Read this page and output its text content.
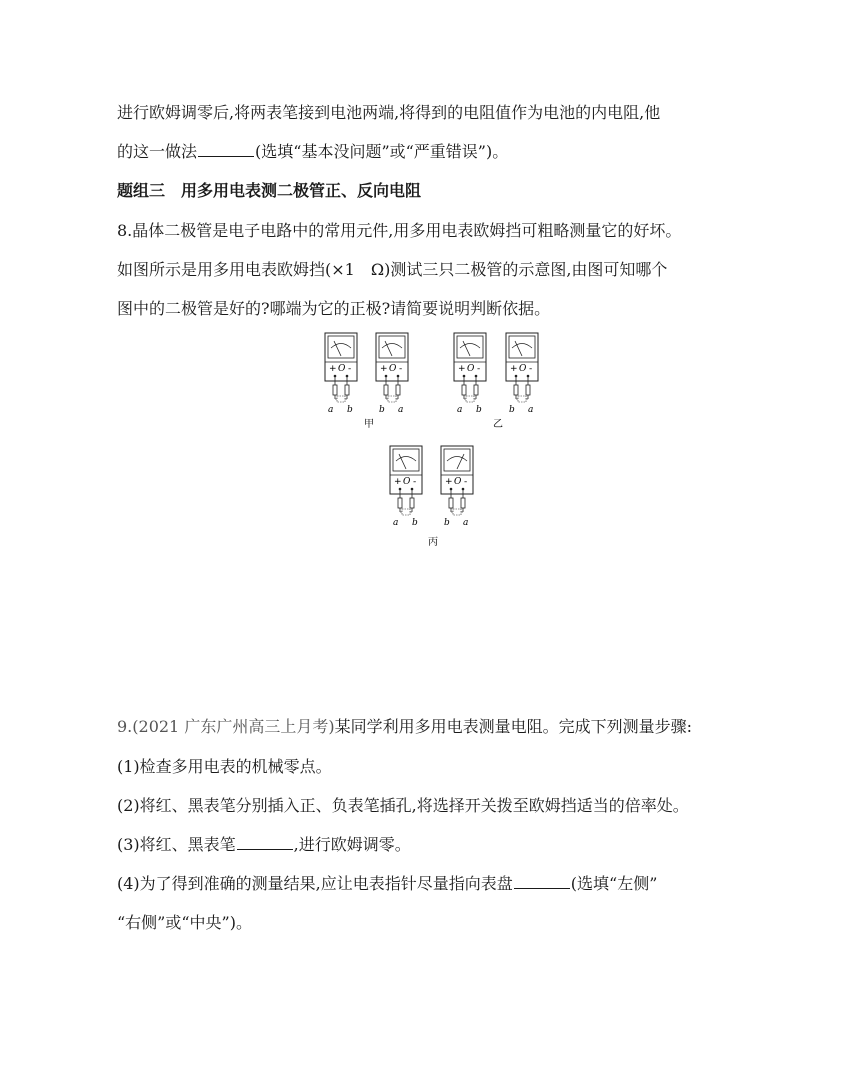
进行欧姆调零后,将两表笔接到电池两端,将得到的电阻值作为电池的内电阻,他
的这一做法	(选填“基本没问题”或“严重错误”)。
题组三　用多用电表测二极管正、反向电阻
8.晶体二极管是电子电路中的常用元件,用多用电表欧姆挡可粗略测量它的好坏。
如图所示是用多用电表欧姆挡(×1　Ω)测试三只二极管的示意图,由图可知哪个
图中的二极管是好的?哪端为它的正极?请简要说明判断依据。
+ O -
a b
+ O -
b a
甲
+ O -
a b
+ O -
b a
乙
+ O -
a b
+ O -
b a
丙
9.(2021 广东广州高三上月考)某同学利用多用电表测量电阻。完成下列测量步骤:
(1)检查多用电表的机械零点。
(2)将红、黑表笔分别插入正、负表笔插孔,将选择开关拨至欧姆挡适当的倍率处。
(3)将红、黑表笔	,进行欧姆调零。
(4)为了得到准确的测量结果,应让电表指针尽量指向表盘	(选填“左侧”
“右侧”或“中央”)。
